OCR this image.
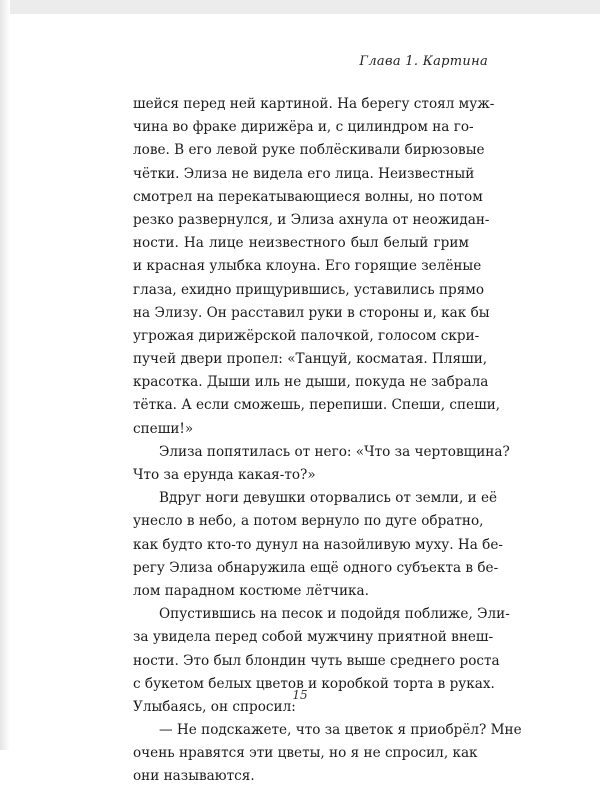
Глава 1. Картина
шейся перед ней картиной. На берегу стоял муж-
чина во фраке дирижёра и, с цилиндром на го-
лове. В его левой руке поблёскивали бирюзовые
чётки. Элиза не видела его лица. Неизвестный
смотрел на перекатывающиеся волны, но потом
резко развернулся, и Элиза ахнула от неожидан-
ности. На лице неизвестного был белый грим
и красная улыбка клоуна. Его горящие зелёные
глаза, ехидно прищурившись, уставились прямо
на Элизу. Он расставил руки в стороны и, как бы
угрожая дирижёрской палочкой, голосом скри-
пучей двери пропел: «Танцуй, косматая. Пляши,
красотка. Дыши иль не дыши, покуда не забрала
тётка. А если сможешь, перепиши. Спеши, спеши,
спеши!»
Элиза попятилась от него: «Что за чертовщина?
Что за ерунда какая-то?»
Вдруг ноги девушки оторвались от земли, и её
унесло в небо, а потом вернуло по дуге обратно,
как будто кто-то дунул на назойливую муху. На бе-
регу Элиза обнаружила ещё одного субъекта в бе-
лом парадном костюме лётчика.
Опустившись на песок и подойдя поближе, Эли-
за увидела перед собой мужчину приятной внеш-
ности. Это был блондин чуть выше среднего роста
с букетом белых цветов и коробкой торта в руках.
Улыбаясь, он спросил:
— Не подскажете, что за цветок я приобрёл? Мне
очень нравятся эти цветы, но я не спросил, как
они называются.
15
